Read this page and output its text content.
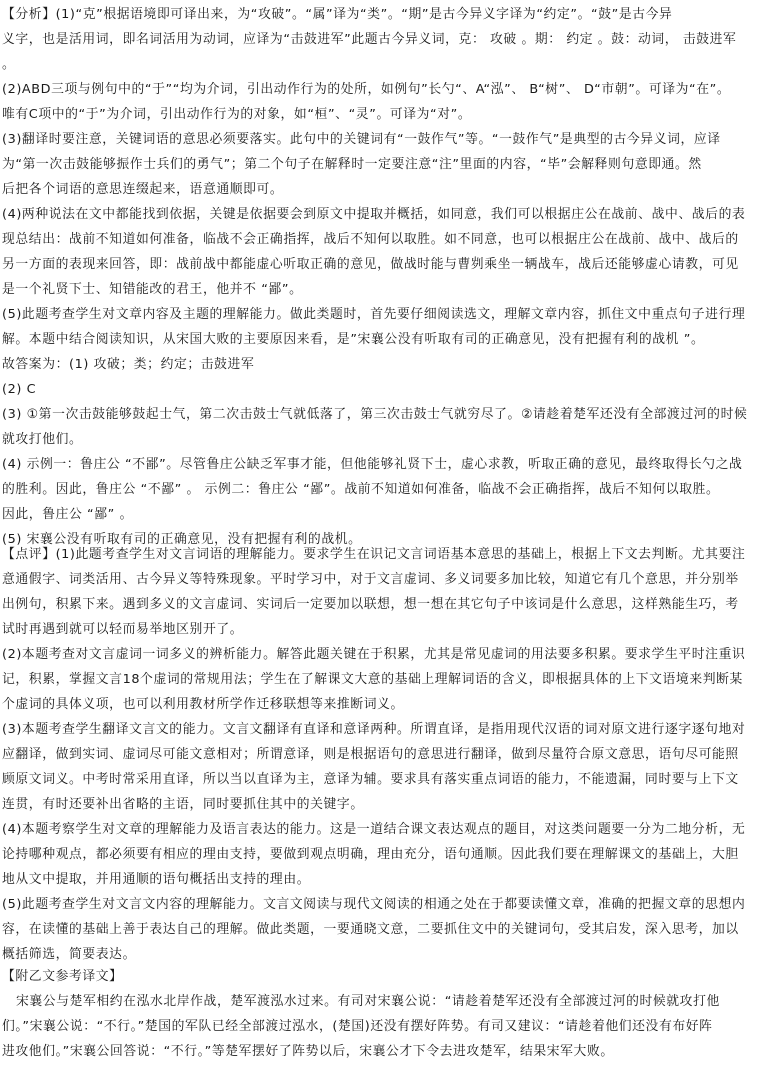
【分析】(1)“克”根据语境即可译出来，为“攻破”。“属”译为“类”。“期”是古今异义字译为“约定”。“鼓”是古今异
义字，也是活用词，即名词活用为动词，应译为“击鼓进军”此题古今异义词，克： 攻破 。期： 约定 。鼓：动词， 击鼓进军
。
(2)ABD三项与例句中的“于”“均为介词，引出动作行为的处所，如例句”长勺“、A“泓”、 B“树”、 D“市朝”。可译为“在”。
唯有C项中的“于”为介词，引出动作行为的对象，如“桓”、“灵”。可译为“对”。
(3)翻译时要注意，关键词语的意思必须要落实。此句中的关键词有“一鼓作气”等。“一鼓作气”是典型的古今异义词，应译
为“第一次击鼓能够振作士兵们的勇气”；第二个句子在解释时一定要注意“注”里面的内容，“毕”会解释则句意即通。然
后把各个词语的意思连缀起来，语意通顺即可。
(4)两种说法在文中都能找到依据，关键是依据要会到原文中提取并概括，如同意，我们可以根据庄公在战前、战中、战后的表
现总结出：战前不知道如何准备，临战不会正确指挥，战后不知何以取胜。如不同意，也可以根据庄公在战前、战中、战后的
另一方面的表现来回答，即：战前战中都能虚心听取正确的意见，做战时能与曹刿乘坐一辆战车，战后还能够虚心请教，可见
是一个礼贤下士、知错能改的君王，他并不 “鄙”。
(5)此题考查学生对文章内容及主题的理解能力。做此类题时，首先要仔细阅读选文，理解文章内容，抓住文中重点句子进行理
解。本题中结合阅读知识，从宋国大败的主要原因来看，是”宋襄公没有听取有司的正确意见，没有把握有利的战机 ”。
故答案为：(1) 攻破；类；约定；击鼓进军
(2) C
(3) ①第一次击鼓能够鼓起士气，第二次击鼓士气就低落了，第三次击鼓士气就穷尽了。②请趁着楚军还没有全部渡过河的时候
就攻打他们。
(4) 示例一：鲁庄公 “不鄙”。尽管鲁庄公缺乏军事才能，但他能够礼贤下士，虚心求教，听取正确的意见，最终取得长勺之战
的胜利。因此，鲁庄公 “不鄙” 。 示例二：鲁庄公 “鄙”。战前不知道如何准备，临战不会正确指挥，战后不知何以取胜。
因此，鲁庄公 “鄙” 。
(5) 宋襄公没有听取有司的正确意见，没有把握有利的战机。
【点评】(1)此题考查学生对文言词语的理解能力。要求学生在识记文言词语基本意思的基础上，根据上下文去判断。尤其要注
意通假字、词类活用、古今异义等特殊现象。平时学习中，对于文言虚词、多义词要多加比较，知道它有几个意思，并分别举
出例句，积累下来。遇到多义的文言虚词、实词后一定要加以联想，想一想在其它句子中该词是什么意思，这样熟能生巧，考
试时再遇到就可以轻而易举地区别开了。
(2)本题考查对文言虚词一词多义的辨析能力。解答此题关键在于积累，尤其是常见虚词的用法要多积累。要求学生平时注重识
记，积累，掌握文言18个虚词的常规用法；学生在了解课文大意的基础上理解词语的含义，即根据具体的上下文语境来判断某
个虚词的具体义项，也可以利用教材所学作迁移联想等来推断词义。
(3)本题考查学生翻译文言文的能力。文言文翻译有直译和意译两种。所谓直译，是指用现代汉语的词对原文进行逐字逐句地对
应翻译，做到实词、虚词尽可能文意相对；所谓意译，则是根据语句的意思进行翻译，做到尽量符合原文意思，语句尽可能照
顾原文词义。中考时常采用直译，所以当以直译为主，意译为辅。要求具有落实重点词语的能力，不能遗漏，同时要与上下文
连贯，有时还要补出省略的主语，同时要抓住其中的关键字。
(4)本题考察学生对文章的理解能力及语言表达的能力。这是一道结合课文表达观点的题目，对这类问题要一分为二地分析，无
论持哪种观点，都必须要有相应的理由支持，要做到观点明确，理由充分，语句通顺。因此我们要在理解课文的基础上，大胆
地从文中提取，并用通顺的语句概括出支持的理由。
(5)此题考查学生对文言文内容的理解能力。文言文阅读与现代文阅读的相通之处在于都要读懂文章，准确的把握文章的思想内
容，在读懂的基础上善于表达自己的理解。做此类题，一要通晓文意，二要抓住文中的关键词句，受其启发，深入思考，加以
概括筛选，简要表达。
【附乙文参考译文】
宋襄公与楚军相约在泓水北岸作战，楚军渡泓水过来。有司对宋襄公说：“请趁着楚军还没有全部渡过河的时候就攻打他
们。”宋襄公说：“不行。”楚国的军队已经全部渡过泓水，(楚国)还没有摆好阵势。有司又建议：“请趁着他们还没有布好阵
进攻他们。”宋襄公回答说：“不行。”等楚军摆好了阵势以后，宋襄公才下令去进攻楚军，结果宋军大败。
